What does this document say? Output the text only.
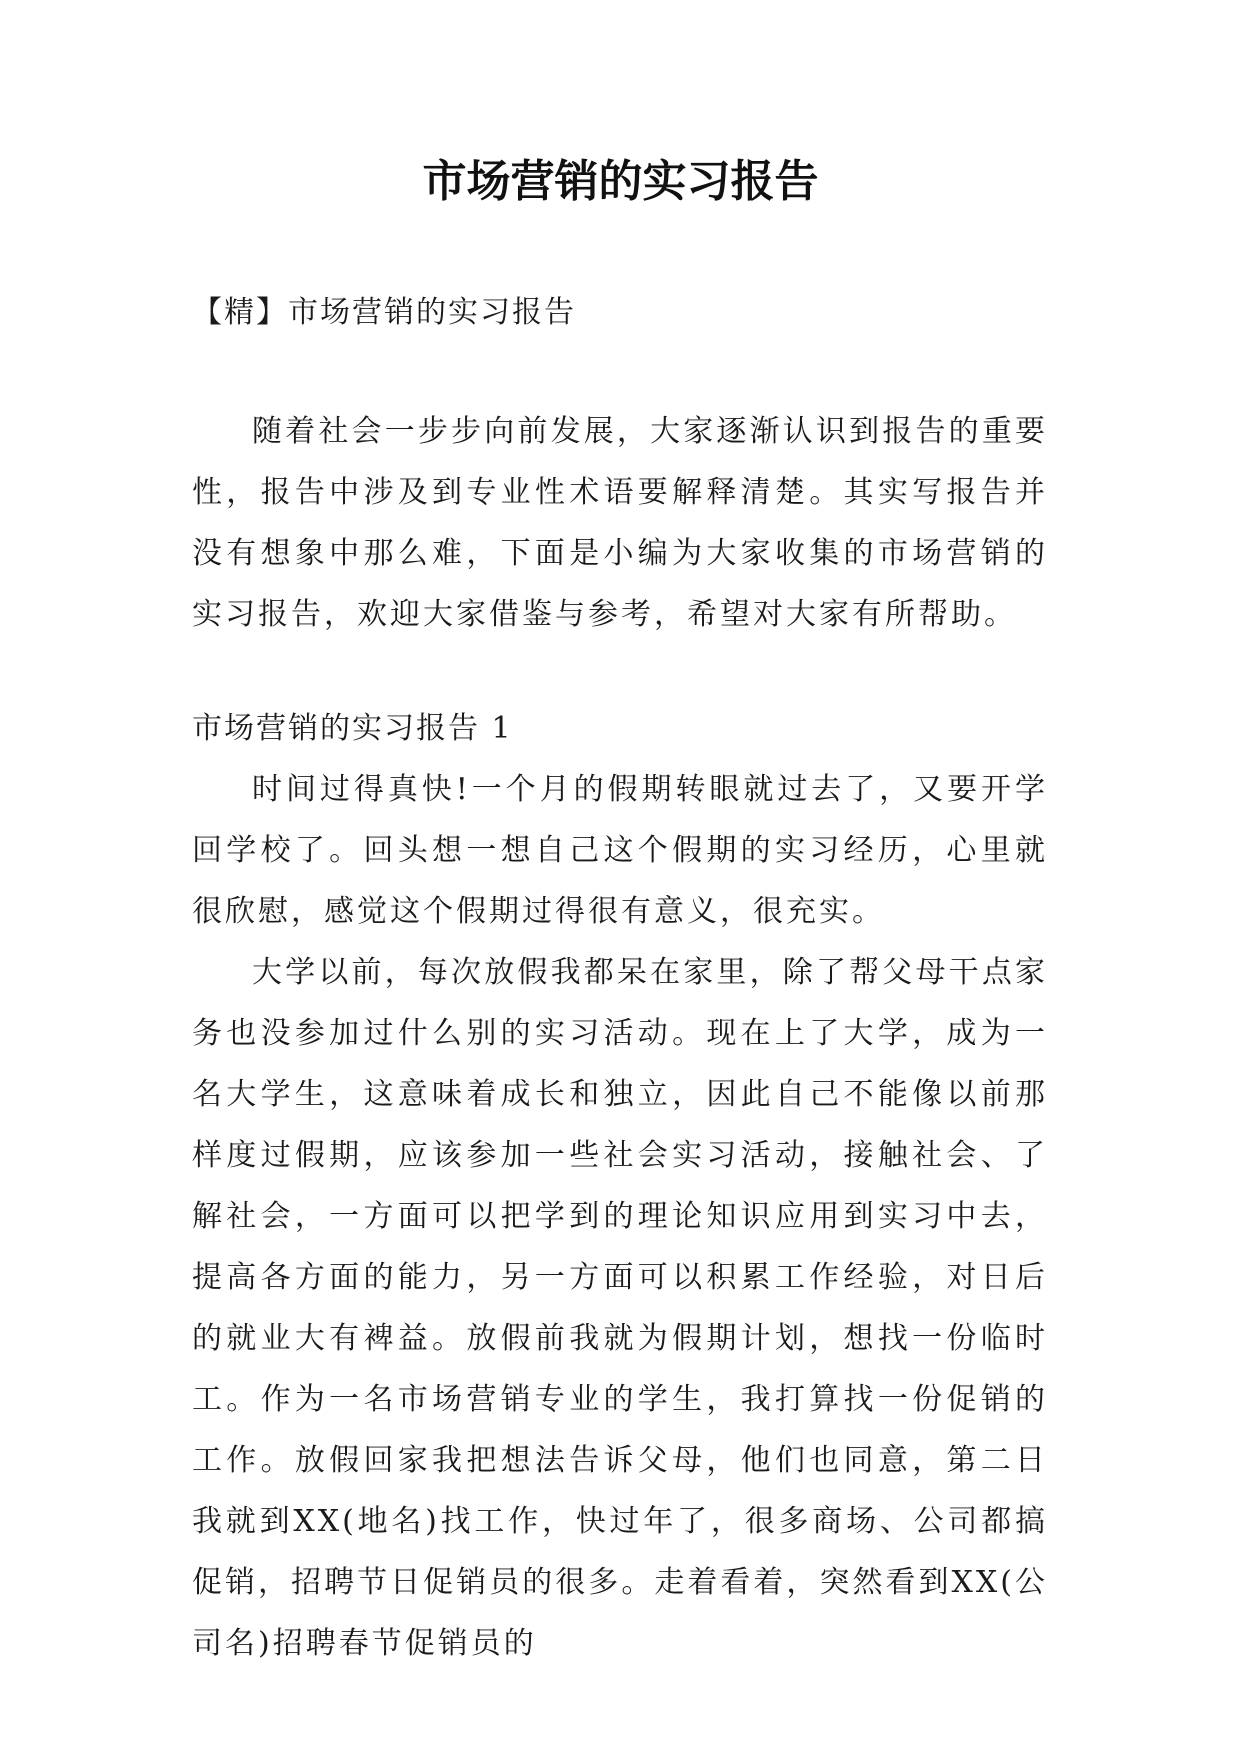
市场营销的实习报告
【精】市场营销的实习报告

随着社会一步步向前发展，大家逐渐认识到报告的重要性，报告中涉及到专业性术语要解释清楚。其实写报告并没有想象中那么难，下面是小编为大家收集的市场营销的实习报告，欢迎大家借鉴与参考，希望对大家有所帮助。

市场营销的实习报告 1

时间过得真快!一个月的假期转眼就过去了，又要开学回学校了。回头想一想自己这个假期的实习经历，心里就很欣慰，感觉这个假期过得很有意义，很充实。

大学以前，每次放假我都呆在家里，除了帮父母干点家务也没参加过什么别的实习活动。现在上了大学，成为一名大学生，这意味着成长和独立，因此自己不能像以前那样度过假期，应该参加一些社会实习活动，接触社会、了解社会，一方面可以把学到的理论知识应用到实习中去，提高各方面的能力，另一方面可以积累工作经验，对日后的就业大有裨益。放假前我就为假期计划，想找一份临时工。作为一名市场营销专业的学生，我打算找一份促销的工作。放假回家我把想法告诉父母，他们也同意，第二日我就到XX(地名)找工作，快过年了，很多商场、公司都搞促销，招聘节日促销员的很多。走着看着，突然看到XX(公司名)招聘春节促销员的
